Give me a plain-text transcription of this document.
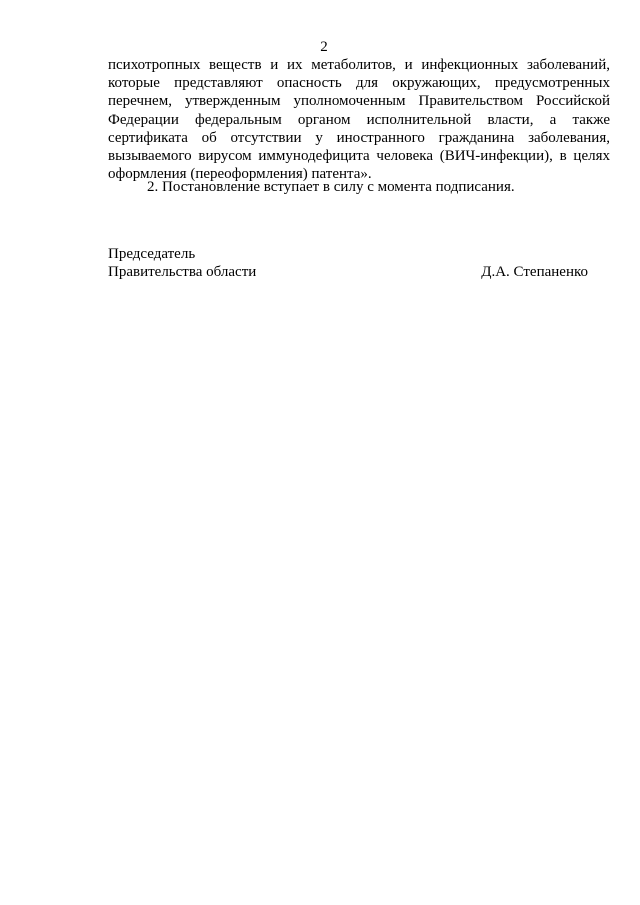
2
психотропных веществ и их метаболитов, и инфекционных заболеваний,
которые представляют опасность для окружающих, предусмотренных
перечнем, утвержденным уполномоченным Правительством Российской
Федерации федеральным органом исполнительной власти, а также
сертификата об отсутствии у иностранного гражданина заболевания,
вызываемого вирусом иммунодефицита человека (ВИЧ-инфекции), в целях
оформления (переоформления) патента».
2. Постановление вступает в силу с момента подписания.
Председатель
Правительства области	Д.А. Степаненко
